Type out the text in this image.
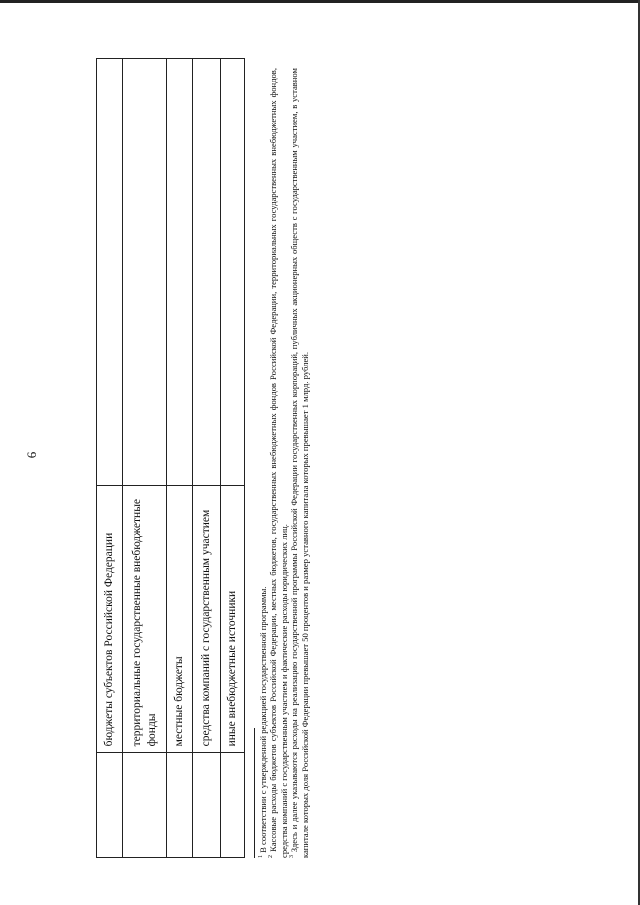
6
	бюджеты субъектов Российской Федерации	
	территориальные государственные внебюджетные фонды	
	местные бюджеты	
	средства компаний с государственным участием	
	иные внебюджетные источники	

$^1$ В соответствии с утвержденной редакцией государственной программы.

$^2$ Кассовые расходы бюджетов субъектов Российской Федерации, местных бюджетов, государственных внебюджетных фондов Российской Федерации, территориальных государственных внебюджетных фондов, средства компаний с государственным участием и фактические расходы юридических лиц. $^3$ Здесь и далее указываются расходы на реализацию государственной программы Российской Федерации государственных корпораций, публичных акционерных обществ с государственным участием, в уставном капитале которых доля Российской Федерации превышает 50 процентов и размер уставного капитала которых превышает 1 млрд. рублей.
